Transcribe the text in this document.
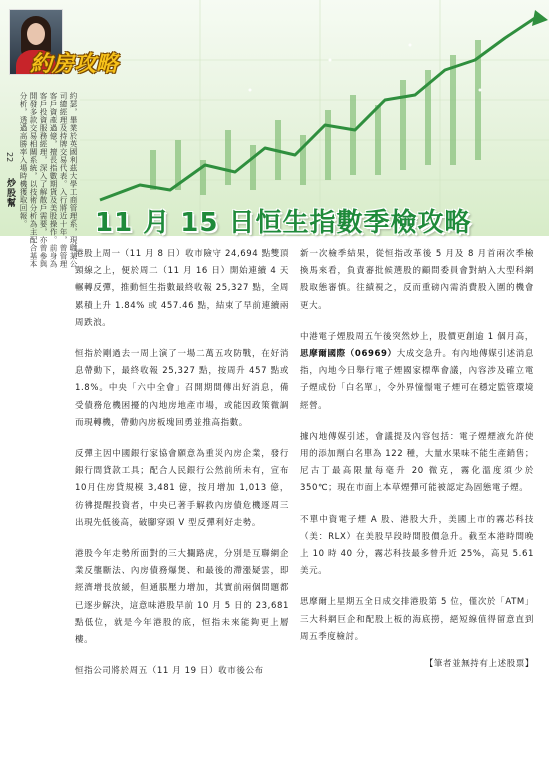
約房攻略
22
炒股幫	約瑟，畢業於英國利茲大學工商管理系，現職某公司總經理及持牌交易代表。入行將近十年，曾管理客戶資產過億，擅長指數期貨及美股操作。前身為客戶投資服務經理，深入了解散戶需要，亦曾參與開發多款交易相關系統，以技術分析為主配合基本分析，透過高勝率入場時機獲取回報。	11 月 15 日恒生指數季檢攻略

港股上周一（11 月 8 日）收市險守 24,694 點雙頂頸線之上，便於周二（11 月 16 日）開始連續 4 天輾轉反彈，推動恒生指數最終收報 25,327 點，全周累積上升 1.84% 或 457.46 點，結束了早前連續兩周跌浪。

恒指於剛過去一周上演了一場二萬五攻防戰，在好消息帶動下，最終收報 25,327 點，按周升 457 點或 1.8%。中央「六中全會」召開期間傳出好消息，備受債務危機困擾的內地房地產市場，或能因政策微調而現轉機，帶動內房板塊回勇並推高指數。

反彈主因中國銀行家協會願意為重災內房企業，發行銀行間貸款工具；配合人民銀行公然前所未有，宣布10月住房貸規模 3,481 億，按月增加 1,013 億，彷彿提醒投資者，中央已著手解救內房債危機逐周三出現先低後高，破腳穿頭 V 型反彈利好走勢。

港股今年走勢所面對的三大攔路虎，分別是互聯網企業反壟斷法、內房債務爆煲、和最後的滯漲疑雲，即經濟增長放緩，但通脹壓力增加，其實前兩個問題都已逐步解決，這意味港股早前 10 月 5 日的 23,681 點低位，就是今年港股的底，恒指未來能夠更上層樓。

恒指公司將於周五（11 月 19 日）收市後公布

新一次檢季結果，從恒指改革後 5 月及 8 月首兩次季檢換馬來看，負責審批候選股的顧問委員會對納入大型科網股取態審慎。往績視之，反而重磅內需消費股入圍的機會更大。

中港電子煙股周五午後突然炒上，股價更創逾 1 個月高，思摩爾國際（06969）大成交急升。有內地傳媒引述消息指，內地今日舉行電子煙國家標準會議，內容涉及確立電子煙成份「白名單」，令外界憧憬電子煙可在穩定監管環境經營。

據內地傳媒引述，會議提及內容包括：電子煙煙液允許使用的添加劑白名單為 122 種，大量水果味不能生產銷售；尼古丁最高限量每毫升 20 微克，霧化溫度須少於 350℃；現在市面上本草煙彈可能被認定為固態電子煙。

不單中資電子煙 A 股、港股大升，美國上市的霧芯科技（美：RLX）在美股早段時間股價急升。截至本港時間晚上 10 時 40 分，霧芯科技最多曾升近 25%，高見 5.61 美元。

思摩爾上星期五全日成交排港股第 5 位，僅次於「ATM」三大科網巨企和配股上板的海底撈，絕短線值得留意直到周五季度檢討。

【筆者並無持有上述股票】
